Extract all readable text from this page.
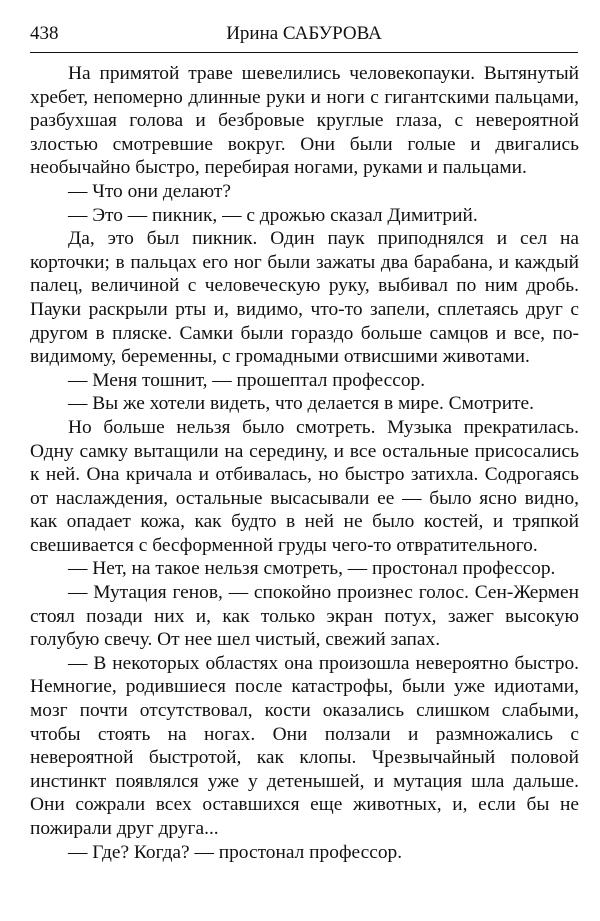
438	Ирина САБУРОВА

На примятой траве шевелились человекопауки. Вытянутый хребет, непомерно длинные руки и ноги с гигантскими пальцами, разбухшая голова и безбровые круглые глаза, с невероятной злостью смотревшие вокруг. Они были голые и двигались необычайно быстро, перебирая ногами, руками и пальцами.

— Что они делают?

— Это — пикник, — с дрожью сказал Димитрий.

Да, это был пикник. Один паук приподнялся и сел на корточки; в пальцах его ног были зажаты два барабана, и каждый палец, величиной с человеческую руку, выбивал по ним дробь. Пауки раскрыли рты и, видимо, что-то запели, сплетаясь друг с другом в пляске. Самки были гораздо больше самцов и все, по-видимому, беременны, с громадными отвисшими животами.

— Меня тошнит, — прошептал профессор.

— Вы же хотели видеть, что делается в мире. Смотрите.

Но больше нельзя было смотреть. Музыка прекратилась. Одну самку вытащили на середину, и все остальные присосались к ней. Она кричала и отбивалась, но быстро затихла. Содрогаясь от наслаждения, остальные высасывали ее — было ясно видно, как опадает кожа, как будто в ней не было костей, и тряпкой свешивается с бесформенной груды чего-то отвратительного.

— Нет, на такое нельзя смотреть, — простонал профессор.

— Мутация генов, — спокойно произнес голос. Сен-Жермен стоял позади них и, как только экран потух, зажег высокую голубую свечу. От нее шел чистый, свежий запах.

— В некоторых областях она произошла невероятно быстро. Немногие, родившиеся после катастрофы, были уже идиотами, мозг почти отсутствовал, кости оказались слишком слабыми, чтобы стоять на ногах. Они ползали и размножались с невероятной быстротой, как клопы. Чрезвычайный половой инстинкт появлялся уже у детенышей, и мутация шла дальше. Они сожрали всех оставшихся еще животных, и, если бы не пожирали друг друга...

— Где? Когда? — простонал профессор.
